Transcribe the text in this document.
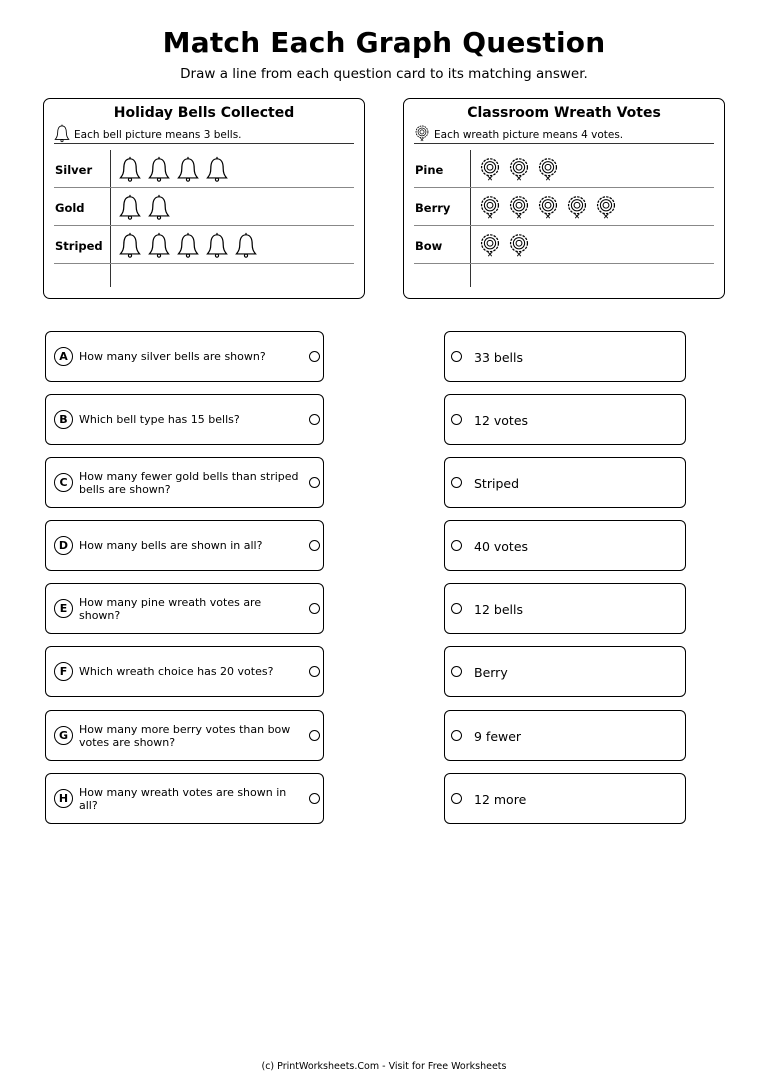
Match Each Graph Question
Draw a line from each question card to its matching answer.
Holiday Bells Collected
Each bell picture means 3 bells.
Silver
Gold
Striped
Classroom Wreath Votes
Each wreath picture means 4 votes.
Pine
Berry
Bow
A	How many silver bells are shown?
B	Which bell type has 15 bells?
C	How many fewer gold bells than striped bells are shown?
D How many bells are shown in all?
E	How many pine wreath votes are shown?
F	Which wreath choice has 20 votes?
G How many more berry votes than bow votes are shown?
H How many wreath votes are shown in all?
33 bells
12 votes
Striped
40 votes
12 bells
Berry
9 fewer
12 more
(c) PrintWorksheets.Com - Visit for Free Worksheets
